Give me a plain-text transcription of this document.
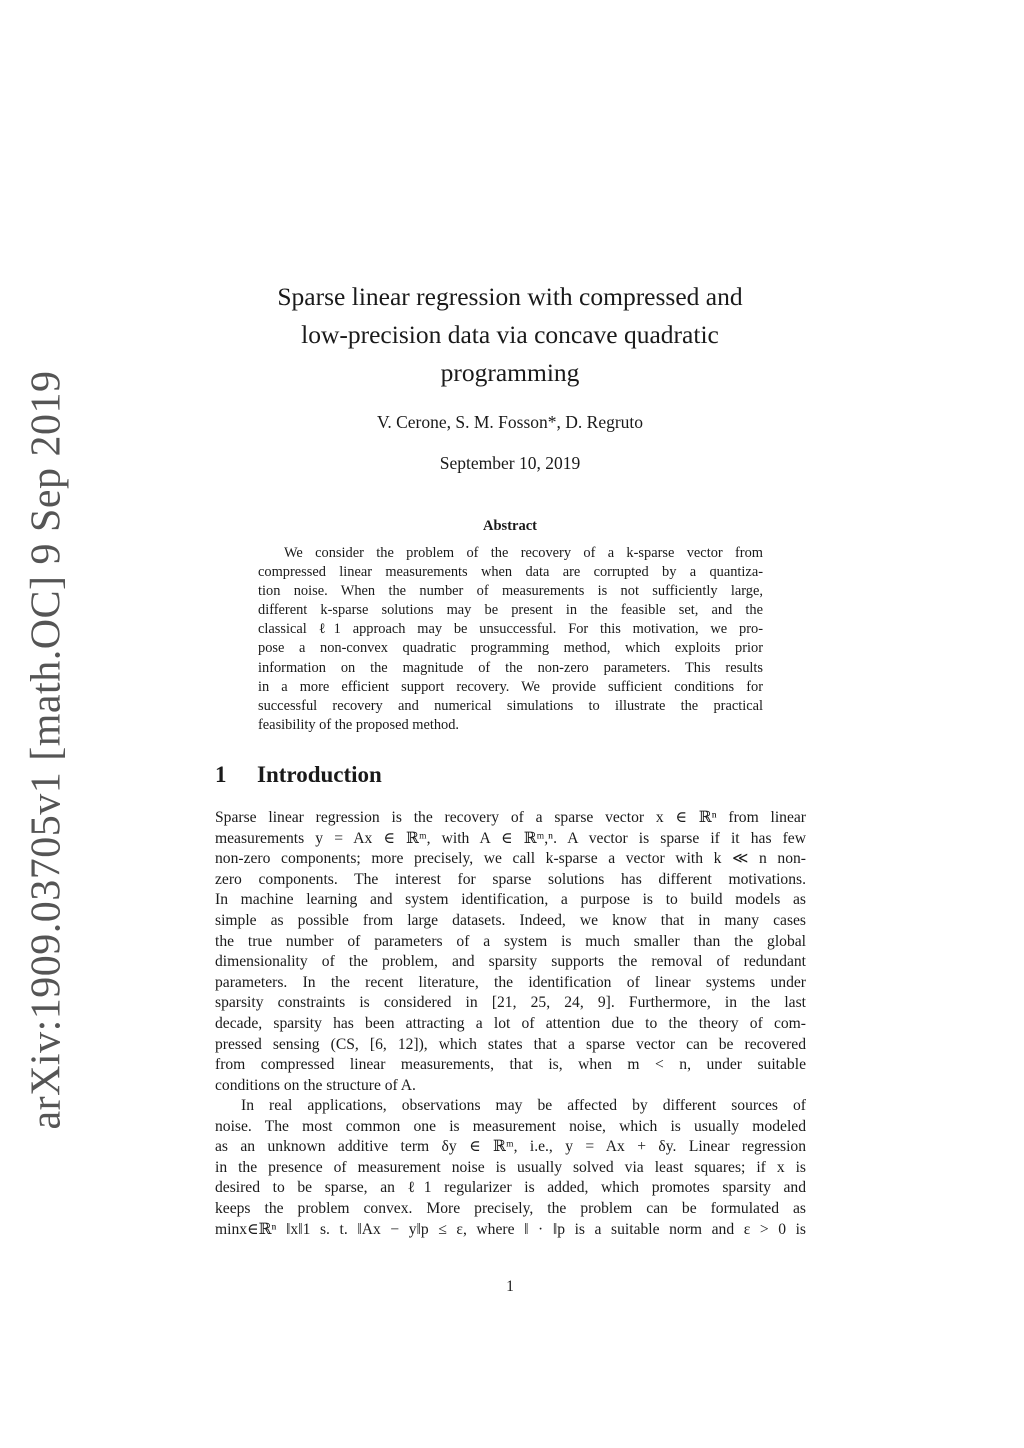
arXiv:1909.03705v1 [math.OC] 9 Sep 2019
Sparse linear regression with compressed and
low-precision data via concave quadratic
programming
V. Cerone, S. M. Fosson*, D. Regruto
September 10, 2019
Abstract
We consider the problem of the recovery of a k-sparse vector from
compressed linear measurements when data are corrupted by a quantiza-
tion noise. When the number of measurements is not sufficiently large,
different k-sparse solutions may be present in the feasible set, and the
classical ℓ1 approach may be unsuccessful. For this motivation, we pro-
pose a non-convex quadratic programming method, which exploits prior
information on the magnitude of the non-zero parameters. This results
in a more efficient support recovery. We provide sufficient conditions for
successful recovery and numerical simulations to illustrate the practical
feasibility of the proposed method.
1 Introduction
Sparse linear regression is the recovery of a sparse vector x ∈ ℝⁿ from linear
measurements y = Ax ∈ ℝᵐ, with A ∈ ℝᵐ,ⁿ. A vector is sparse if it has few
non-zero components; more precisely, we call k-sparse a vector with k ≪ n non-
zero components. The interest for sparse solutions has different motivations.
In machine learning and system identification, a purpose is to build models as
simple as possible from large datasets. Indeed, we know that in many cases
the true number of parameters of a system is much smaller than the global
dimensionality of the problem, and sparsity supports the removal of redundant
parameters. In the recent literature, the identification of linear systems under
sparsity constraints is considered in [21, 25, 24, 9]. Furthermore, in the last
decade, sparsity has been attracting a lot of attention due to the theory of com-
pressed sensing (CS, [6, 12]), which states that a sparse vector can be recovered
from compressed linear measurements, that is, when m < n, under suitable
conditions on the structure of A.
In real applications, observations may be affected by different sources of
noise. The most common one is measurement noise, which is usually modeled
as an unknown additive term δy ∈ ℝᵐ, i.e., y = Ax + δy. Linear regression
in the presence of measurement noise is usually solved via least squares; if x is
desired to be sparse, an ℓ1 regularizer is added, which promotes sparsity and
keeps the problem convex. More precisely, the problem can be formulated as
minx∈ℝⁿ ‖x‖1 s. t. ‖Ax − y‖p ≤ ε, where ‖ · ‖p is a suitable norm and ε > 0 is
1
